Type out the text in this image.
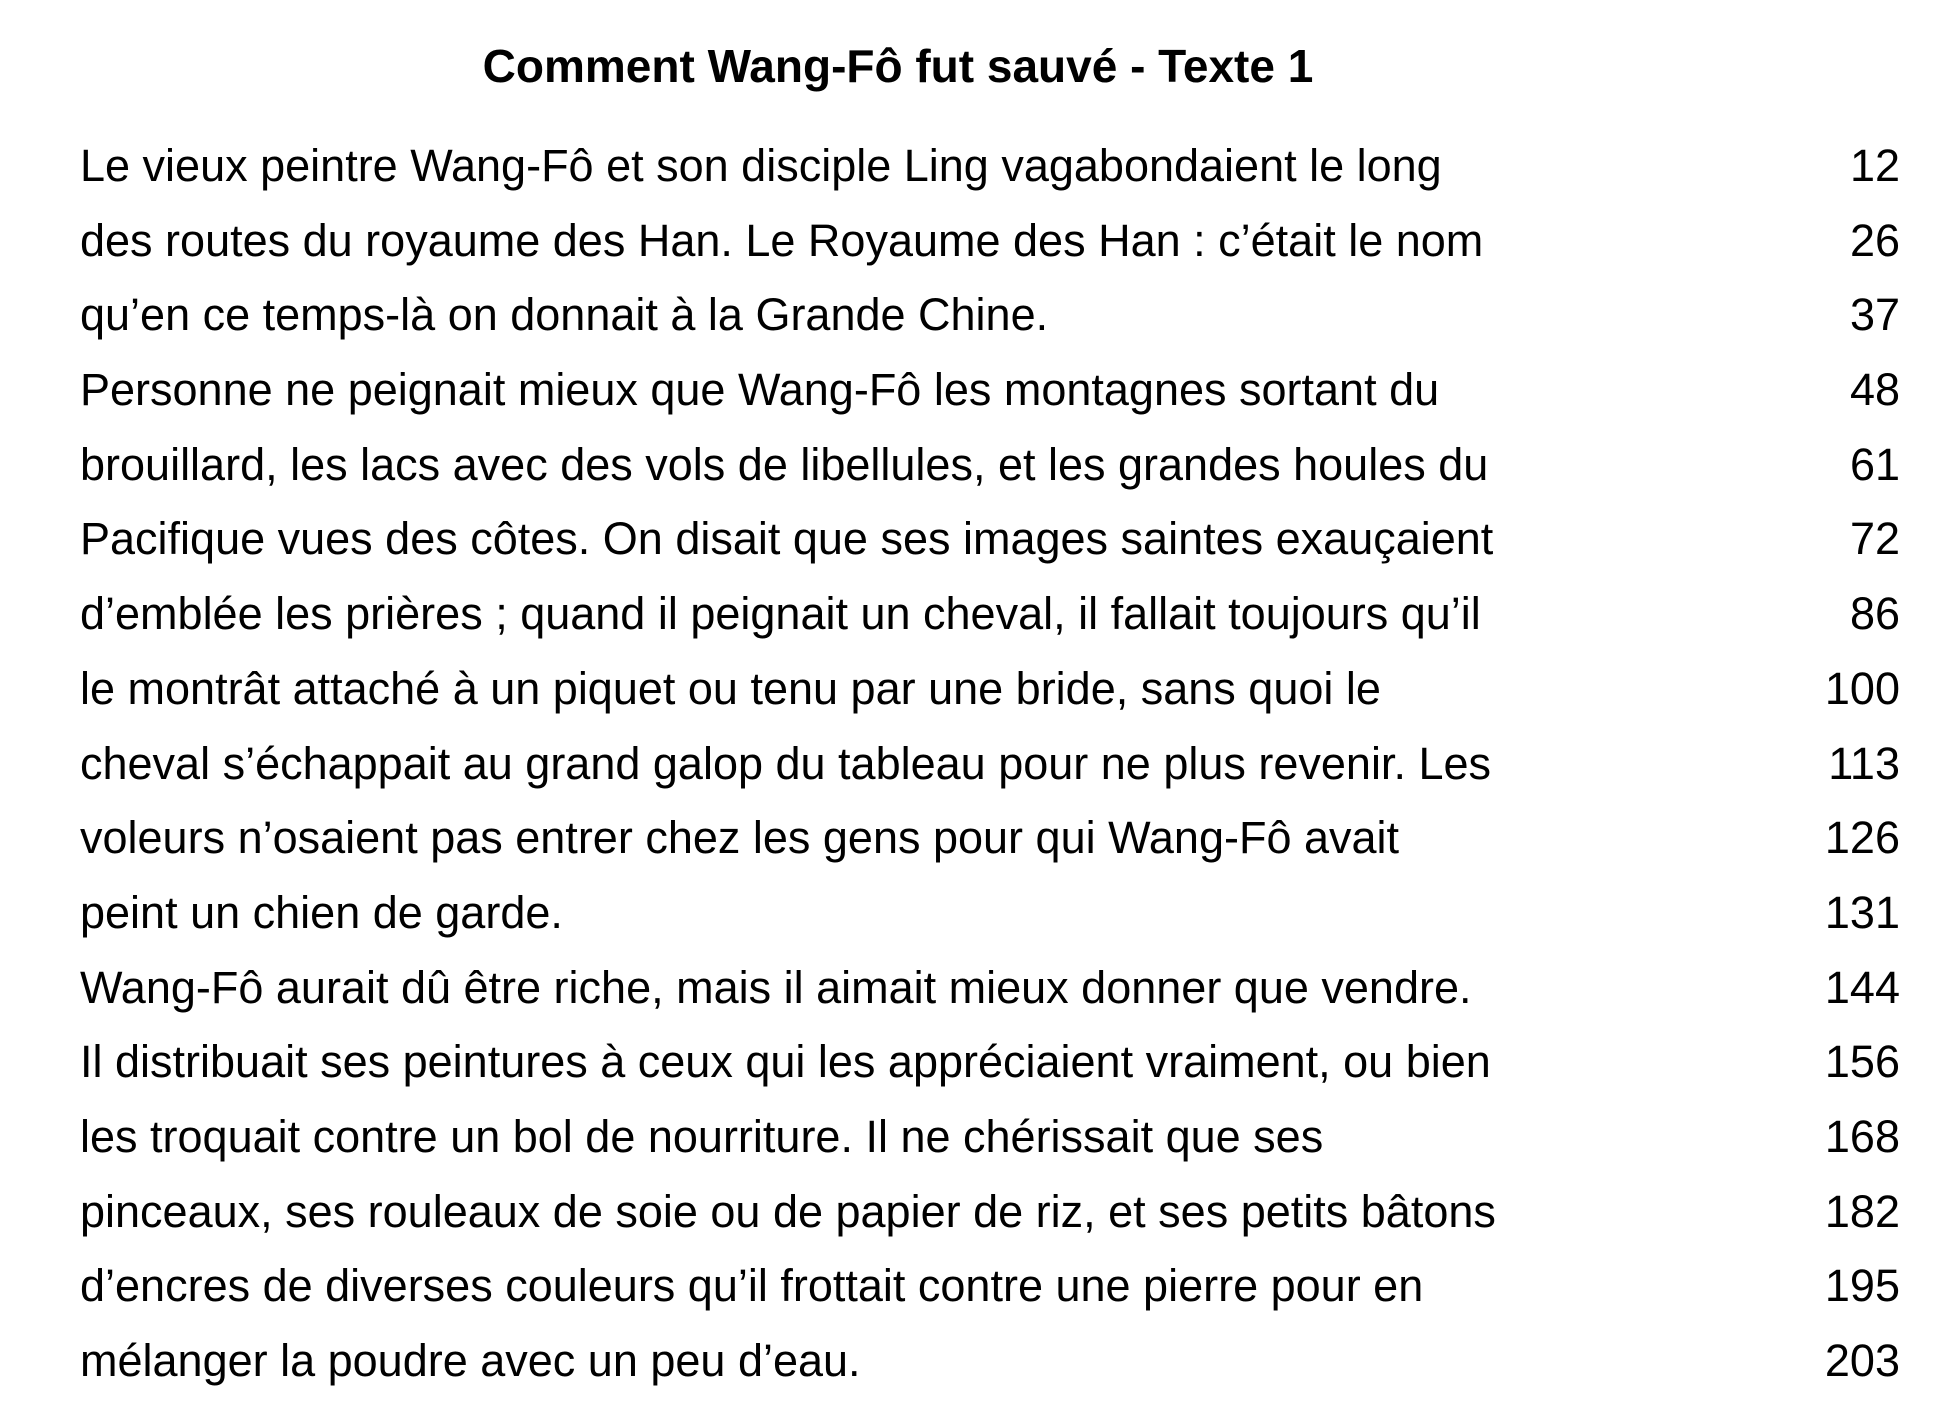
Comment Wang-Fô fut sauvé - Texte 1
Le vieux peintre Wang-Fô et son disciple Ling vagabondaient le long	12
des routes du royaume des Han. Le Royaume des Han : c’était le nom	26
qu’en ce temps-là on donnait à la Grande Chine.	37
Personne ne peignait mieux que Wang-Fô les montagnes sortant du	48
brouillard, les lacs avec des vols de libellules, et les grandes houles du	61
Pacifique vues des côtes. On disait que ses images saintes exauçaient	72
d’emblée les prières ; quand il peignait un cheval, il fallait toujours qu’il	86
le montrât attaché à un piquet ou tenu par une bride, sans quoi le	100
cheval s’échappait au grand galop du tableau pour ne plus revenir. Les	113
voleurs n’osaient pas entrer chez les gens pour qui Wang-Fô avait	126
peint un chien de garde.	131
Wang-Fô aurait dû être riche, mais il aimait mieux donner que vendre.	144
Il distribuait ses peintures à ceux qui les appréciaient vraiment, ou bien	156
les troquait contre un bol de nourriture. Il ne chérissait que ses	168
pinceaux, ses rouleaux de soie ou de papier de riz, et ses petits bâtons	182
d’encres de diverses couleurs qu’il frottait contre une pierre pour en	195
mélanger la poudre avec un peu d’eau.	203
